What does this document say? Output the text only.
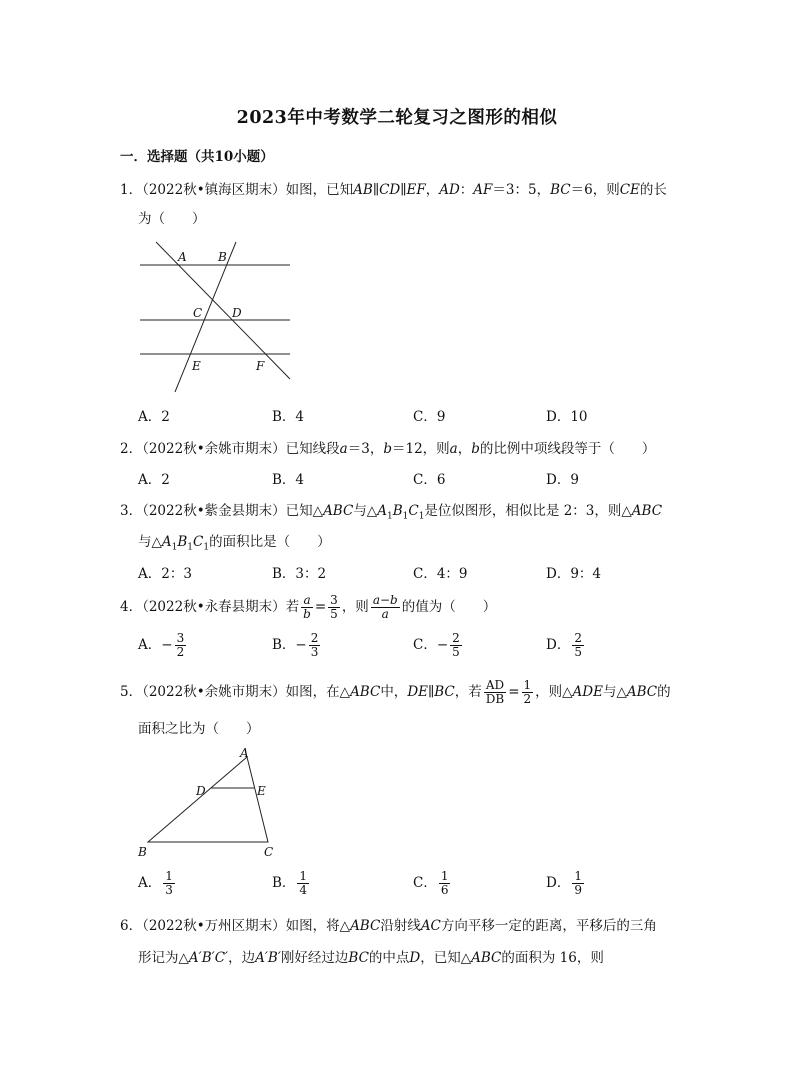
2023年中考数学二轮复习之图形的相似
一．选择题（共10小题）
1．（2022秋•镇海区期末）如图，已知AB∥CD∥EF，AD：AF＝3：5，BC＝6，则CE的长
为（　　）
A	B
C D
E	F
A．2	B．4	C．9	D．10
2．（2022秋•余姚市期末）已知线段a＝3，b＝12，则a，b的比例中项线段等于（　　）
A．2	B．4	C．6	D．9
3．（2022秋•紫金县期末）已知△ABC与$\triangle A_1B_1C_1$是位似图形，相似比是 2：3，则△ABC
与$\triangle A_1B_1C_1$的面积比是（　　）
A．2：3	B．3：2	C．4：9	D．9：4
4．（2022秋•永春县期末）若 $\frac{a}{b} = \frac{3}{5}$ ，则 $\frac{a-b}{a}$ 的值为（　　）
A．− $\frac{3}{2}$	B．− $\frac{2}{3}$	C．− $\frac{2}{5}$	D． $\frac{2}{5}$
5．（2022秋•余姚市期末）如图，在△ABC中，DE∥BC，若 $\frac{AD}{DB} = \frac{1}{2}$ ，则△ADE与△ABC的
面积之比为（　　）
A
B	C
D	E
A． $\frac{1}{3}$	B． $\frac{1}{4}$	C． $\frac{1}{6}$	D． $\frac{1}{9}$
6．（2022秋•万州区期末）如图，将△ABC沿射线AC方向平移一定的距离，平移后的三角
形记为△A′B′C′，边A′B′刚好经过边BC的中点D，已知△ABC的面积为 16，则
